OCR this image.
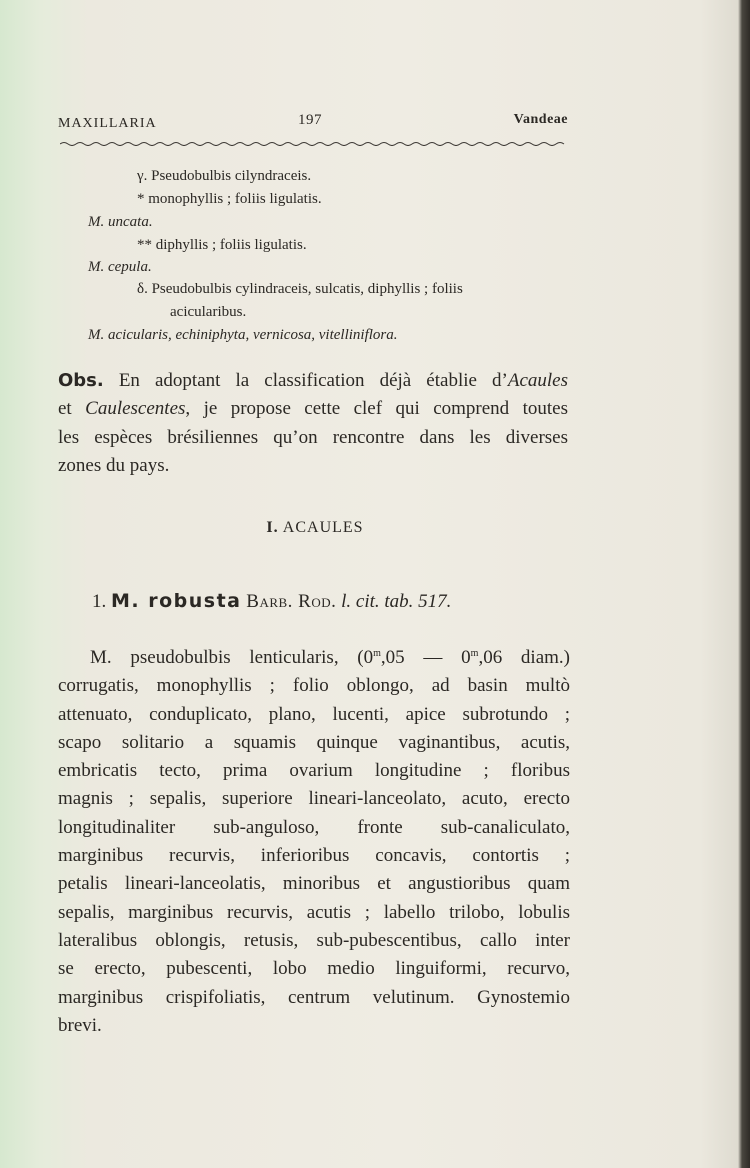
MAXILLARIA	197	Vandeae
γ. Pseudobulbis cilyndraceis.
* monophyllis ; foliis ligulatis.
M. uncata.
** diphyllis ; foliis ligulatis.
M. cepula.
δ. Pseudobulbis cylindraceis, sulcatis, diphyllis ; foliis
acicularibus.
M. acicularis, echiniphyta, vernicosa, vitelliniflora.
Obs. En adoptant la classification déjà établie d’Acaules
et Caulescentes, je propose cette clef qui comprend toutes
les espèces brésiliennes qu’on rencontre dans les diverses
zones du pays.
I. ACAULES
1. M. robusta Barb. Rod. l. cit. tab. 517.
M. pseudobulbis lenticularis, (0$^m$,05 — 0$^m$,06 diam.)
corrugatis, monophyllis ; folio oblongo, ad basin multò
attenuato, conduplicato, plano, lucenti, apice subrotundo ;
scapo solitario a squamis quinque vaginantibus, acutis,
embricatis tecto, prima ovarium longitudine ; floribus
magnis ; sepalis, superiore lineari-lanceolato, acuto, erecto
longitudinaliter sub-anguloso, fronte sub-canaliculato,
marginibus recurvis, inferioribus concavis, contortis ;
petalis lineari-lanceolatis, minoribus et angustioribus quam
sepalis, marginibus recurvis, acutis ; labello trilobo, lobulis
lateralibus oblongis, retusis, sub-pubescentibus, callo inter
se erecto, pubescenti, lobo medio linguiformi, recurvo,
marginibus crispifoliatis, centrum velutinum. Gynostemio
brevi.
